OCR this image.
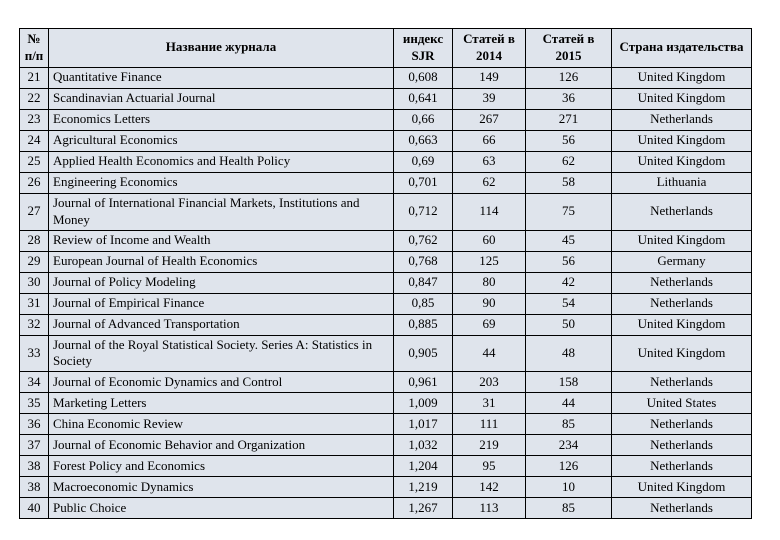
№ п/п	Название журнала	индекс SJR	Статей в 2014	Статей в 2015	Страна издательства
21	Quantitative Finance	0,608	149	126	United Kingdom
22	Scandinavian Actuarial Journal	0,641	39	36	United Kingdom
23	Economics Letters	0,66	267	271	Netherlands
24	Agricultural Economics	0,663	66	56	United Kingdom
25	Applied Health Economics and Health Policy	0,69	63	62	United Kingdom
26	Engineering Economics	0,701	62	58	Lithuania
27	Journal of International Financial Markets, Institutions and Money	0,712	114	75	Netherlands
28	Review of Income and Wealth	0,762	60	45	United Kingdom
29	European Journal of Health Economics	0,768	125	56	Germany
30	Journal of Policy Modeling	0,847	80	42	Netherlands
31	Journal of Empirical Finance	0,85	90	54	Netherlands
32	Journal of Advanced Transportation	0,885	69	50	United Kingdom
33	Journal of the Royal Statistical Society. Series A: Statistics in Society	0,905	44	48	United Kingdom
34	Journal of Economic Dynamics and Control	0,961	203	158	Netherlands
35	Marketing Letters	1,009	31	44	United States
36	China Economic Review	1,017	111	85	Netherlands
37	Journal of Economic Behavior and Organization	1,032	219	234	Netherlands
38	Forest Policy and Economics	1,204	95	126	Netherlands
38	Macroeconomic Dynamics	1,219	142	10	United Kingdom
40	Public Choice	1,267	113	85	Netherlands
